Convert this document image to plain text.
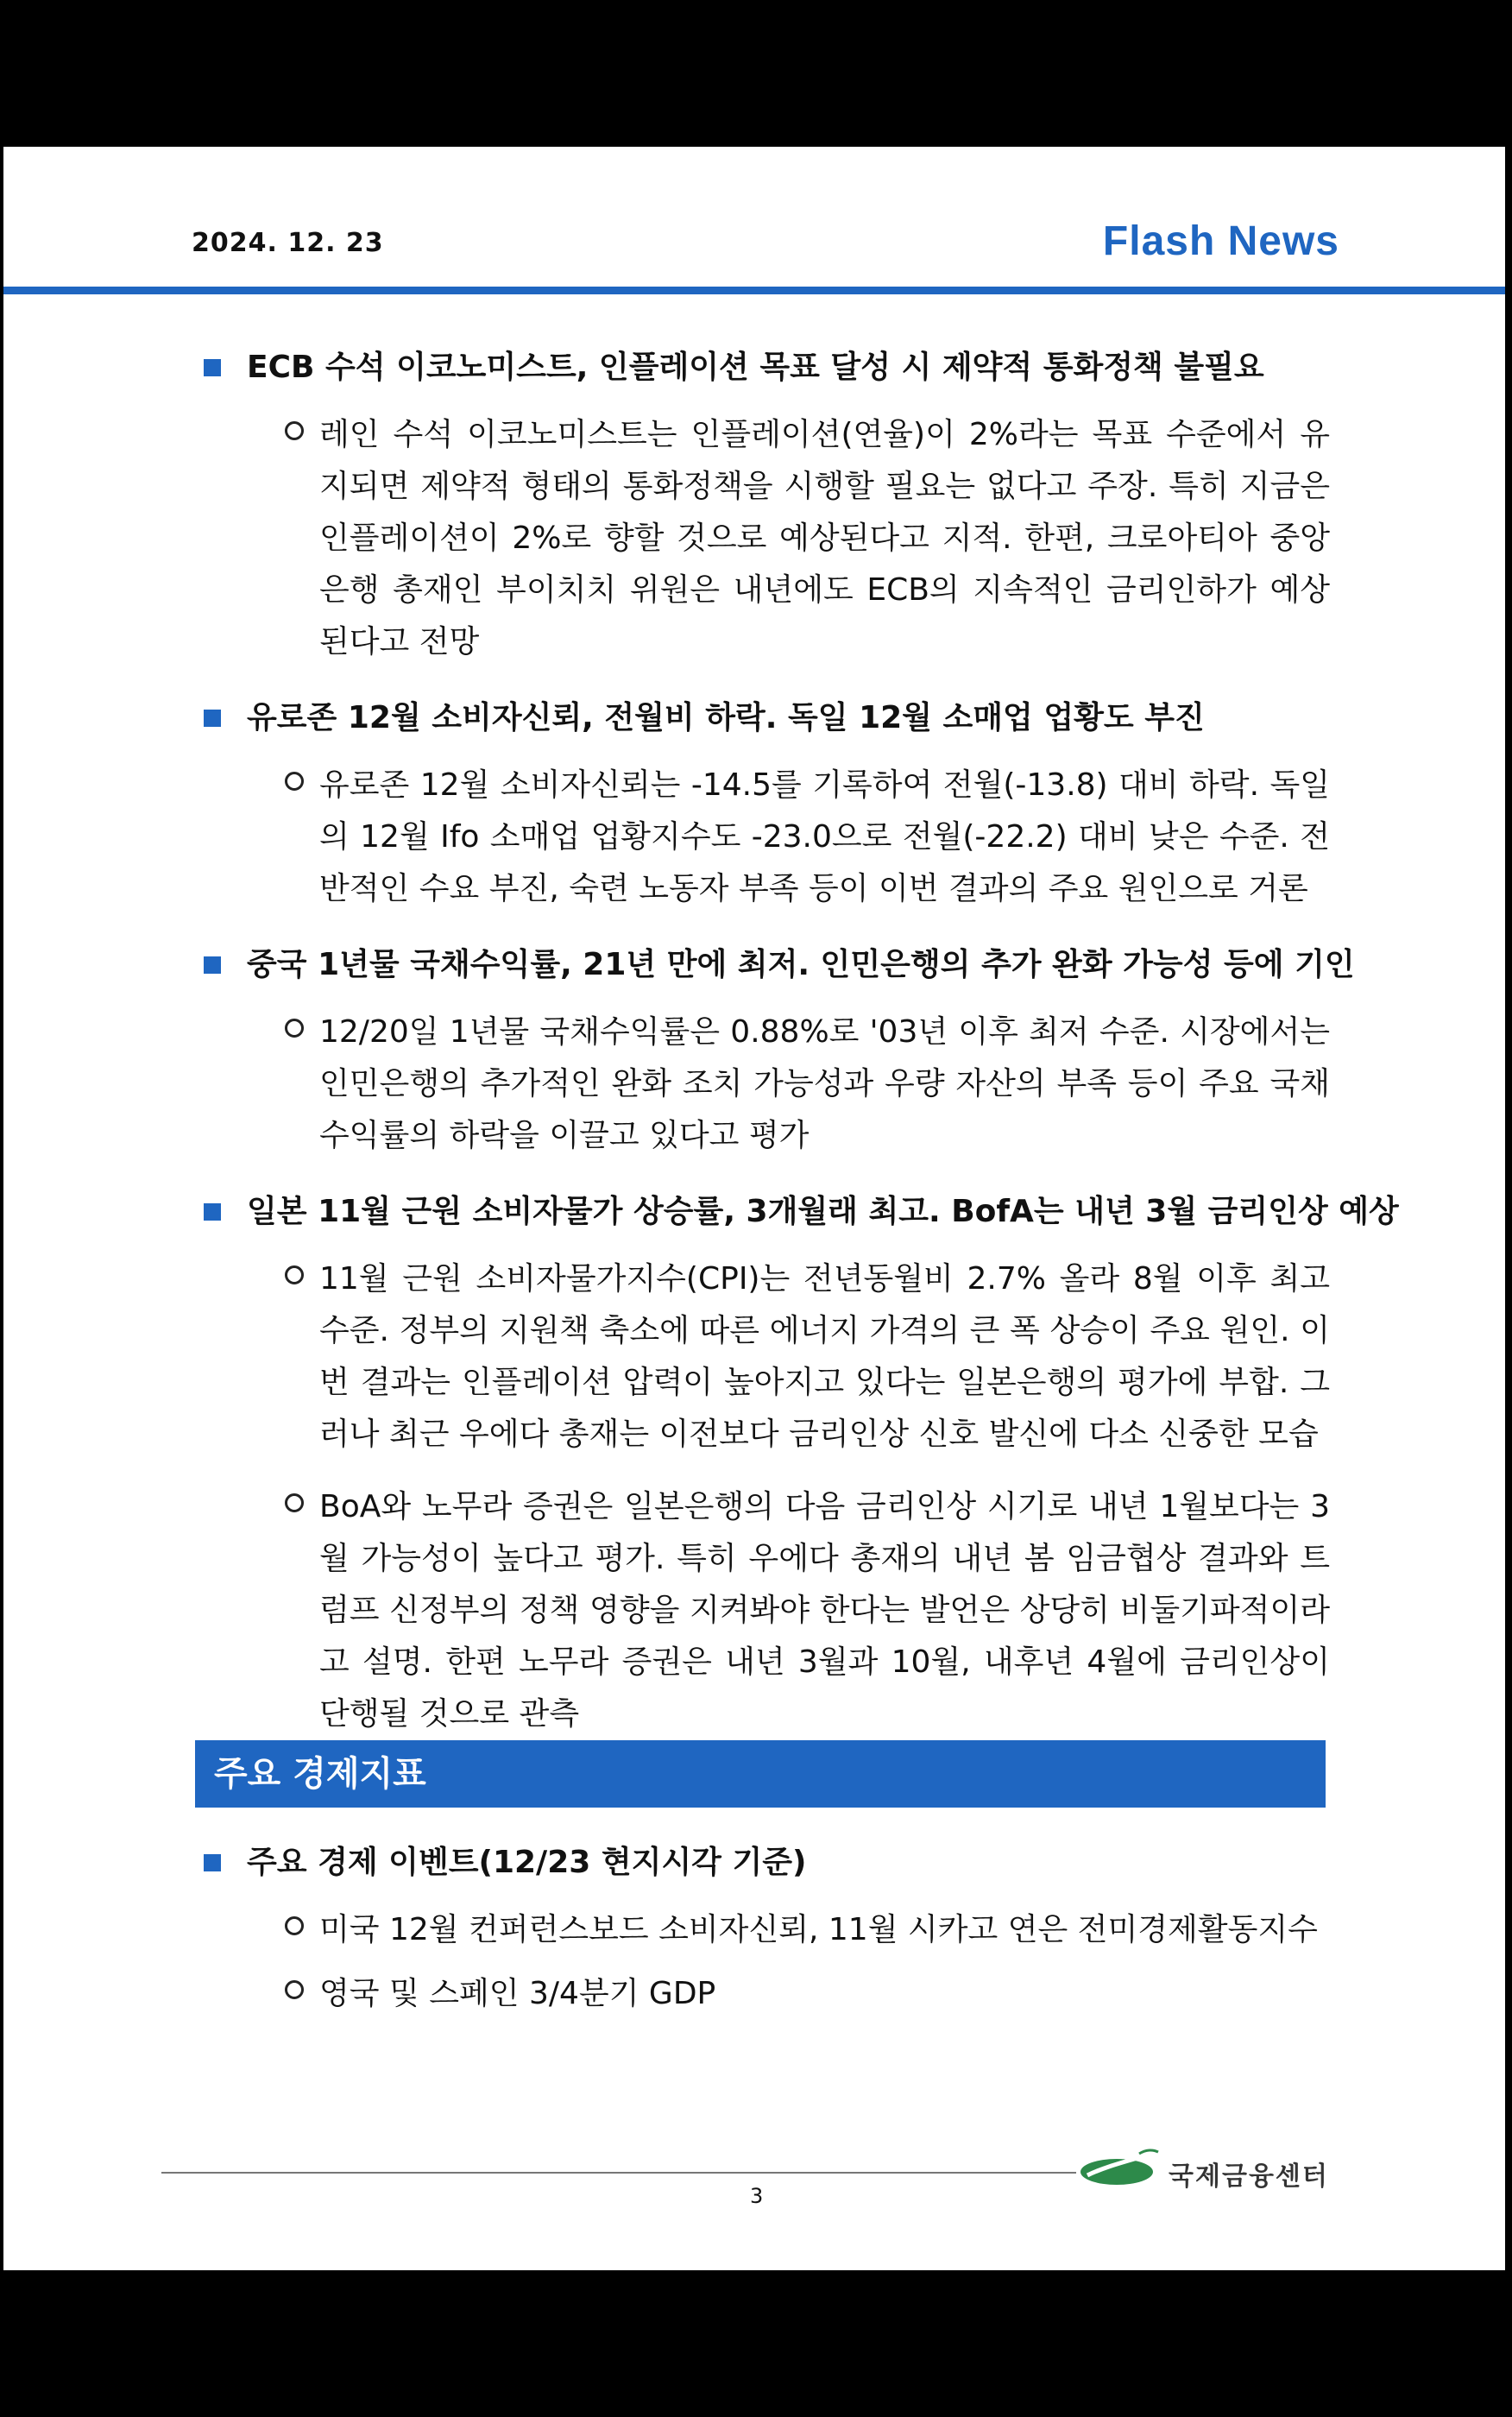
2024. 12. 23	Flash News
ECB 수석 이코노미스트, 인플레이션 목표 달성 시 제약적 통화정책 불필요
레인 수석 이코노미스트는 인플레이션(연율)이 2%라는 목표 수준에서 유지되면 제약적 형태의 통화정책을 시행할 필요는 없다고 주장. 특히 지금은 인플레이션이 2%로 향할 것으로 예상된다고 지적. 한편, 크로아티아 중앙은행 총재인 부이치치 위원은 내년에도 ECB의 지속적인 금리인하가 예상된다고 전망
유로존 12월 소비자신뢰, 전월비 하락. 독일 12월 소매업 업황도 부진
유로존 12월 소비자신뢰는 -14.5를 기록하여 전월(-13.8) 대비 하락. 독일의 12월 Ifo 소매업 업황지수도 -23.0으로 전월(-22.2) 대비 낮은 수준. 전반적인 수요 부진, 숙련 노동자 부족 등이 이번 결과의 주요 원인으로 거론
중국 1년물 국채수익률, 21년 만에 최저. 인민은행의 추가 완화 가능성 등에 기인
12/20일 1년물 국채수익률은 0.88%로 '03년 이후 최저 수준. 시장에서는 인민은행의 추가적인 완화 조치 가능성과 우량 자산의 부족 등이 주요 국채수익률의 하락을 이끌고 있다고 평가
일본 11월 근원 소비자물가 상승률, 3개월래 최고. BofA는 내년 3월 금리인상 예상
11월 근원 소비자물가지수(CPI)는 전년동월비 2.7% 올라 8월 이후 최고 수준. 정부의 지원책 축소에 따른 에너지 가격의 큰 폭 상승이 주요 원인. 이번 결과는 인플레이션 압력이 높아지고 있다는 일본은행의 평가에 부합. 그러나 최근 우에다 총재는 이전보다 금리인상 신호 발신에 다소 신중한 모습
BoA와 노무라 증권은 일본은행의 다음 금리인상 시기로 내년 1월보다는 3월 가능성이 높다고 평가. 특히 우에다 총재의 내년 봄 임금협상 결과와 트럼프 신정부의 정책 영향을 지켜봐야 한다는 발언은 상당히 비둘기파적이라고 설명. 한편 노무라 증권은 내년 3월과 10월, 내후년 4월에 금리인상이 단행될 것으로 관측
주요 경제지표
주요 경제 이벤트(12/23 현지시각 기준)
미국 12월 컨퍼런스보드 소비자신뢰, 11월 시카고 연은 전미경제활동지수
영국 및 스페인 3/4분기 GDP
국제금융센터
3
